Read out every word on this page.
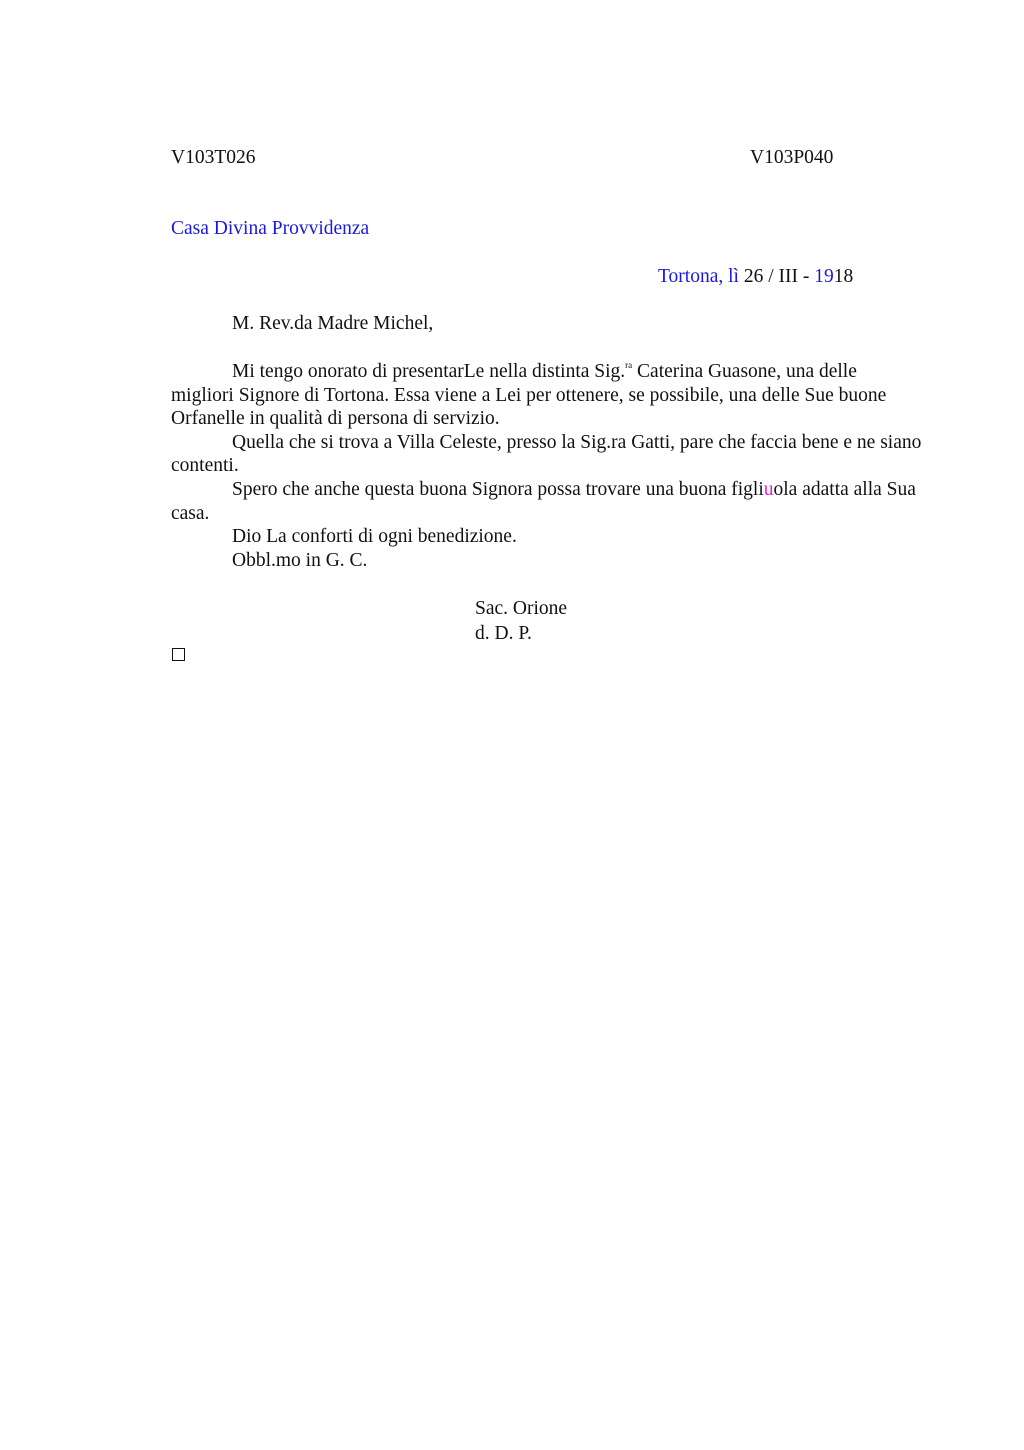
V103T026	V103P040
Casa Divina Provvidenza
Tortona, lì 26 / III - 1918
M. Rev.da Madre Michel,

Mi tengo onorato di presentarLe nella distinta Sig.$^{ra}$ Caterina Guasone, una delle migliori Signore di Tortona. Essa viene a Lei per ottenere, se possibile, una delle Sue buone Orfanelle in qualità di persona di servizio.

Quella che si trova a Villa Celeste, presso la Sig.ra Gatti, pare che faccia bene e ne siano contenti.

Spero che anche questa buona Signora possa trovare una buona figliuola adatta alla Sua casa.

Dio La conforti di ogni benedizione.

Obbl.mo in G. C.

Sac. Orione
d. D. P.
